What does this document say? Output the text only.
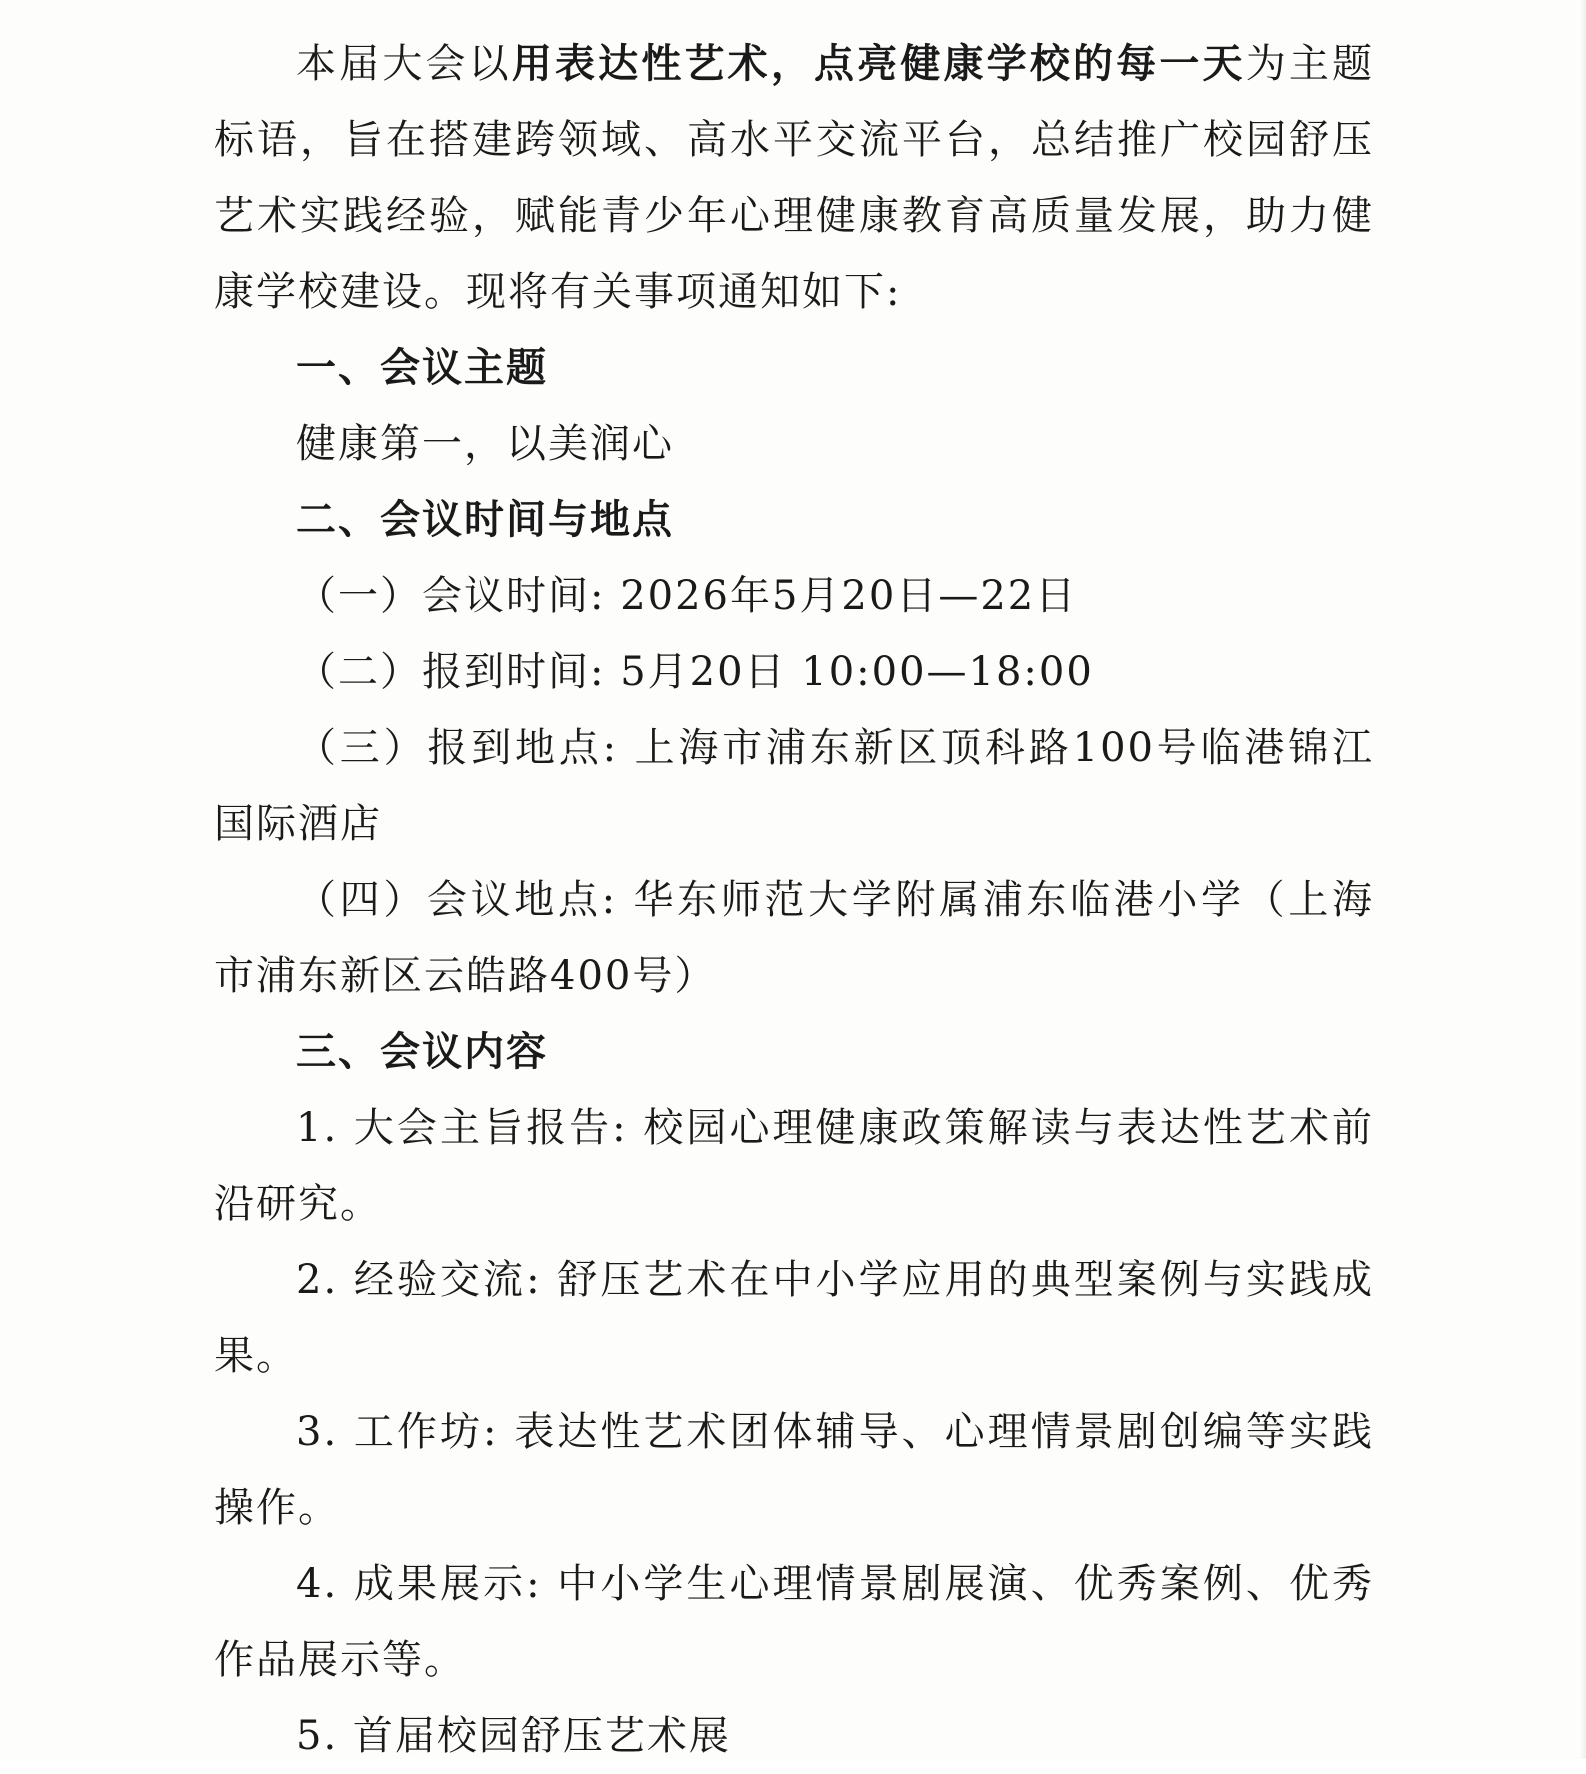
本届大会以用表达性艺术，点亮健康学校的每一天为主题标语，旨在搭建跨领域、高水平交流平台，总结推广校园舒压艺术实践经验，赋能青少年心理健康教育高质量发展，助力健康学校建设。现将有关事项通知如下:

一、会议主题

健康第一，以美润心

二、会议时间与地点

（一）会议时间: 2026年5月20日—22日

（二）报到时间: 5月20日 10:00—18:00

（三）报到地点: 上海市浦东新区顶科路100号临港锦江国际酒店

（四）会议地点: 华东师范大学附属浦东临港小学（上海市浦东新区云皓路400号）

三、会议内容

1. 大会主旨报告: 校园心理健康政策解读与表达性艺术前沿研究。

2. 经验交流: 舒压艺术在中小学应用的典型案例与实践成果。

3. 工作坊: 表达性艺术团体辅导、心理情景剧创编等实践操作。

4. 成果展示: 中小学生心理情景剧展演、优秀案例、优秀作品展示等。

5. 首届校园舒压艺术展
